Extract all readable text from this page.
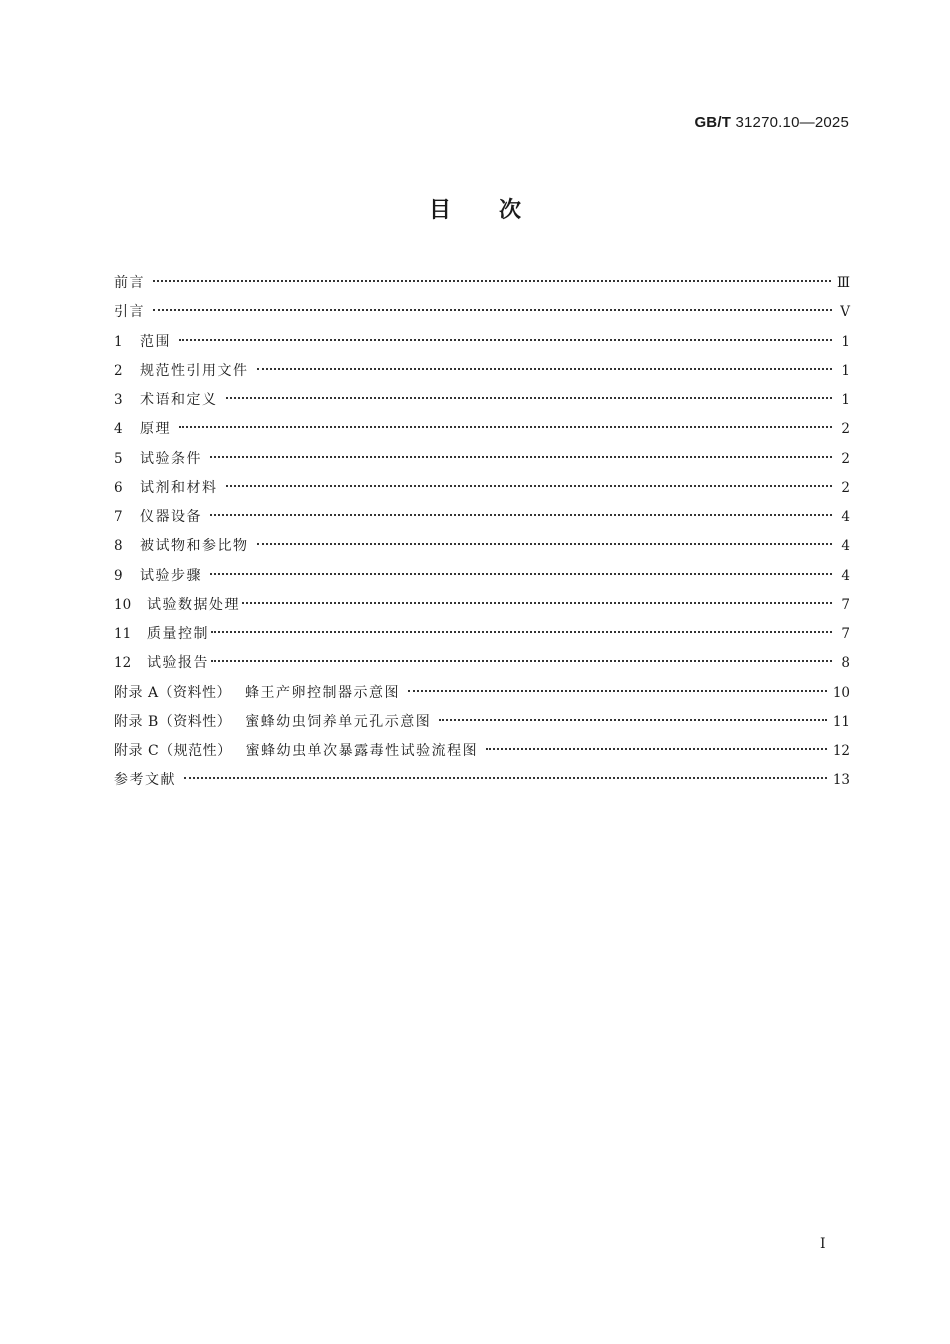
GB/T 31270.10—2025
目次
前言	Ⅲ
引言	Ⅴ
1	范围	1
2	规范性引用文件	1
3	术语和定义	1
4	原理	2
5	试验条件	2
6	试剂和材料	2
7	仪器设备	4
8	被试物和参比物	4
9	试验步骤	4
10	试验数据处理	7
11	质量控制	7
12	试验报告	8
附录 A（资料性） 蜂王产卵控制器示意图	10
附录 B（资料性） 蜜蜂幼虫饲养单元孔示意图	11
附录 C（规范性） 蜜蜂幼虫单次暴露毒性试验流程图	12
参考文献	13
Ⅰ
